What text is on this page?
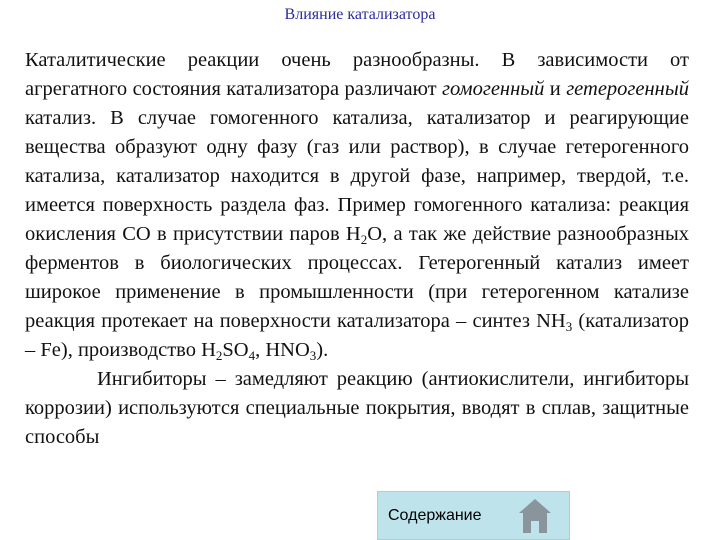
Влияние катализатора

Каталитические реакции очень разнообразны. В зависимости от агрегатного состояния катализатора различают гомогенный и гетерогенный катализ. В случае гомогенного катализа, катализатор и реагирующие вещества образуют одну фазу (газ или раствор), в случае гетерогенного катализа, катализатор находится в другой фазе, например, твердой, т.е. имеется поверхность раздела фаз. Пример гомогенного катализа: реакция окисления CO в присутствии паров $H_2O$, а так же действие разнообразных ферментов в биологических процессах. Гетерогенный катализ имеет широкое применение в промышленности (при гетерогенном катализе реакция протекает на поверхности катализатора – синтез $NH_3$ (катализатор – Fe), производство $H_2SO_4$, $HNO_3$).

Ингибиторы – замедляют реакцию (антиокислители, ингибиторы коррозии) используются специальные покрытия, вводят в сплав, защитные способы

Содержание
